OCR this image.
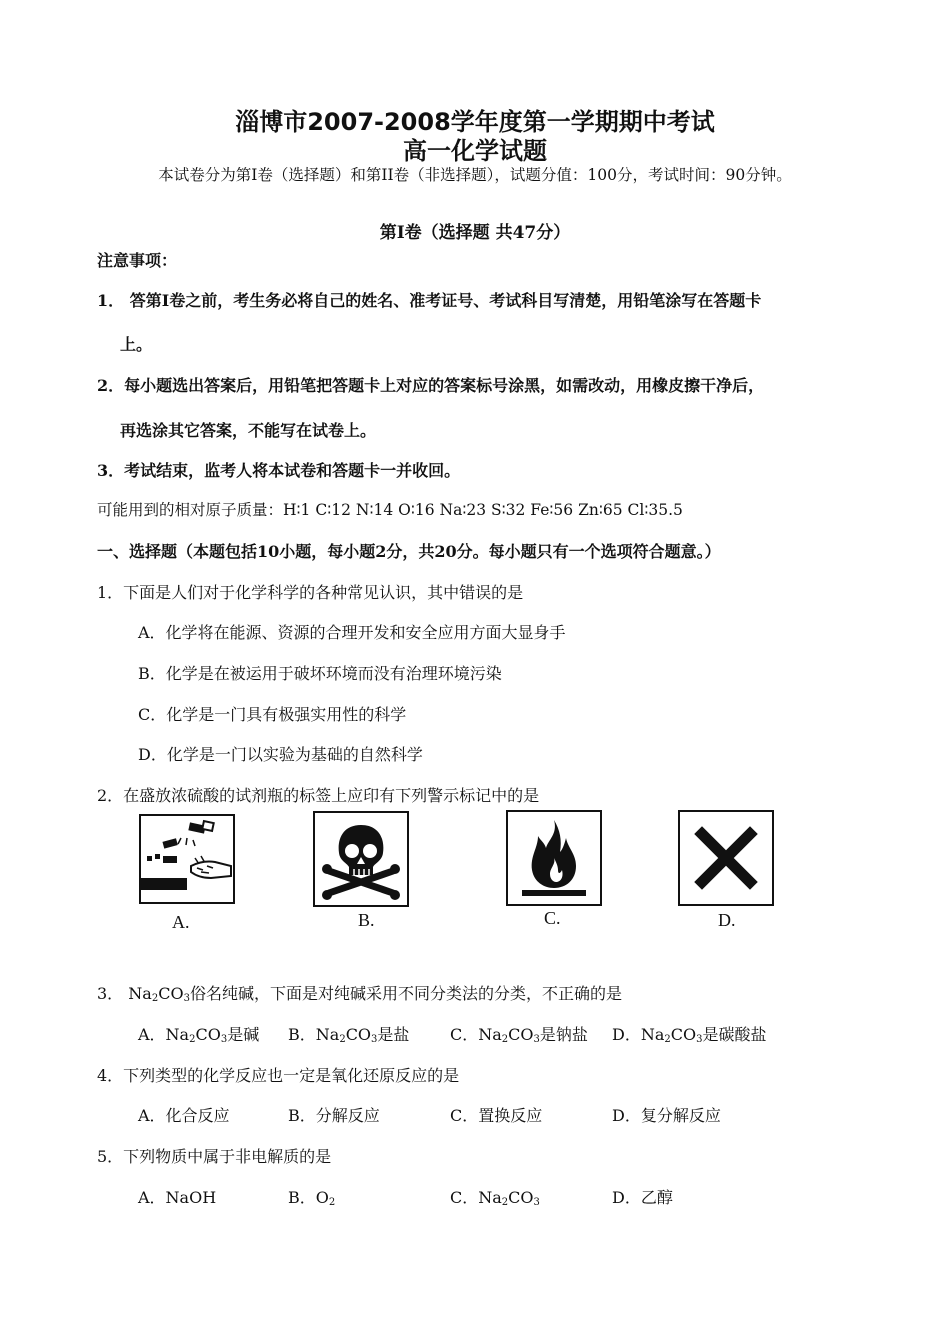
淄博市2007-2008学年度第一学期期中考试
高一化学试题
本试卷分为第I卷（选择题）和第II卷（非选择题），试题分值：100分，考试时间：90分钟。
第I卷（选择题 共47分）
注意事项：
1． 答第I卷之前，考生务必将自己的姓名、准考证号、考试科目写清楚，用铅笔涂写在答题卡
上。
2．每小题选出答案后，用铅笔把答题卡上对应的答案标号涂黑，如需改动，用橡皮擦干净后，
再选涂其它答案，不能写在试卷上。
3．考试结束，监考人将本试卷和答题卡一并收回。
可能用到的相对原子质量：H∶1 C∶12 N∶14 O∶16 Na∶23 S∶32 Fe∶56 Zn∶65 Cl∶35.5
一、选择题（本题包括10小题，每小题2分，共20分。每小题只有一个选项符合题意。）
1．下面是人们对于化学科学的各种常见认识，其中错误的是
A．化学将在能源、资源的合理开发和安全应用方面大显身手
B．化学是在被运用于破坏环境而没有治理环境污染
C．化学是一门具有极强实用性的科学
D．化学是一门以实验为基础的自然科学
2．在盛放浓硫酸的试剂瓶的标签上应印有下列警示标记中的是
A.	B.	C.	D.
3． $Na_2CO_3$俗名纯碱，下面是对纯碱采用不同分类法的分类，不正确的是
A．$Na_2CO_3$是碱 B．$Na_2CO_3$是盐	C．$Na_2CO_3$是钠盐 D．$Na_2CO_3$是碳酸盐
4．下列类型的化学反应也一定是氧化还原反应的是
A．化合反应	B．分解反应	C．置换反应	D．复分解反应
5．下列物质中属于非电解质的是
A．NaOH	B．$O_2$	C．$Na_2CO_3$	D．乙醇
